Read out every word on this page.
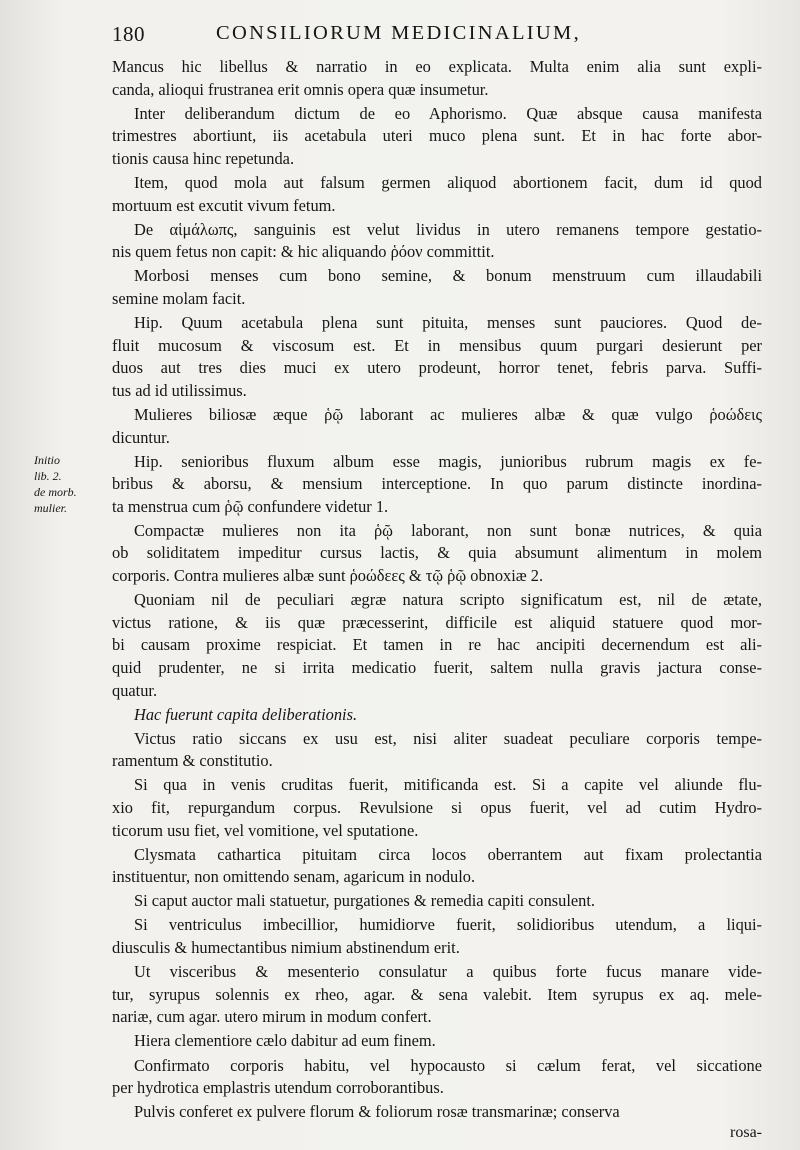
180	CONSILIORUM MEDICINALIUM,
Initio
lib. 2.
de morb.
mulier.
Mancus hic libellus & narratio in eo explicata. Multa enim alia sunt expli-
canda, alioqui frustranea erit omnis opera quæ insumetur.
Inter deliberandum dictum de eo Aphorismo. Quæ absque causa manifesta
trimestres abortiunt, iis acetabula uteri muco plena sunt. Et in hac forte abor-
tionis causa hinc repetunda.
Item, quod mola aut falsum germen aliquod abortionem facit, dum id quod
mortuum est excutit vivum fetum.
De αἱμάλωπς, sanguinis est velut lividus in utero remanens tempore gestatio-
nis quem fetus non capit: & hic aliquando ῥόον committit.
Morbosi menses cum bono semine, & bonum menstruum cum illaudabili
semine molam facit.
Hip. Quum acetabula plena sunt pituita, menses sunt pauciores. Quod de-
fluit mucosum & viscosum est. Et in mensibus quum purgari desierunt per
duos aut tres dies muci ex utero prodeunt, horror tenet, febris parva. Suffi-
tus ad id utilissimus.
Mulieres biliosæ æque ῥῷ laborant ac mulieres albæ & quæ vulgo ῥοώδεις
dicuntur.
Hip. senioribus fluxum album esse magis, junioribus rubrum magis ex fe-
bribus & aborsu, & mensium interceptione. In quo parum distincte inordina-
ta menstrua cum ῥῷ confundere videtur 1.
Compactæ mulieres non ita ῥῷ laborant, non sunt bonæ nutrices, & quia
ob soliditatem impeditur cursus lactis, & quia absumunt alimentum in molem
corporis. Contra mulieres albæ sunt ῥοώδεες & τῷ ῥῷ obnoxiæ 2.
Quoniam nil de peculiari ægræ natura scripto significatum est, nil de ætate,
victus ratione, & iis quæ præcesserint, difficile est aliquid statuere quod mor-
bi causam proxime respiciat. Et tamen in re hac ancipiti decernendum est ali-
quid prudenter, ne si irrita medicatio fuerit, saltem nulla gravis jactura conse-
quatur.
Hac fuerunt capita deliberationis.
Victus ratio siccans ex usu est, nisi aliter suadeat peculiare corporis tempe-
ramentum & constitutio.
Si qua in venis cruditas fuerit, mitificanda est. Si a capite vel aliunde flu-
xio fit, repurgandum corpus. Revulsione si opus fuerit, vel ad cutim Hydro-
ticorum usu fiet, vel vomitione, vel sputatione.
Clysmata cathartica pituitam circa locos oberrantem aut fixam prolectantia
instituentur, non omittendo senam, agaricum in nodulo.
Si caput auctor mali statuetur, purgationes & remedia capiti consulent.
Si ventriculus imbecillior, humidiorve fuerit, solidioribus utendum, a liqui-
diusculis & humectantibus nimium abstinendum erit.
Ut visceribus & mesenterio consulatur a quibus forte fucus manare vide-
tur, syrupus solennis ex rheo, agar. & sena valebit. Item syrupus ex aq. mele-
nariæ, cum agar. utero mirum in modum confert.
Hiera clementiore cælo dabitur ad eum finem.
Confirmato corporis habitu, vel hypocausto si cælum ferat, vel siccatione
per hydrotica emplastris utendum corroborantibus.
Pulvis conferet ex pulvere florum & foliorum rosæ transmarinæ; conserva
rosa-
